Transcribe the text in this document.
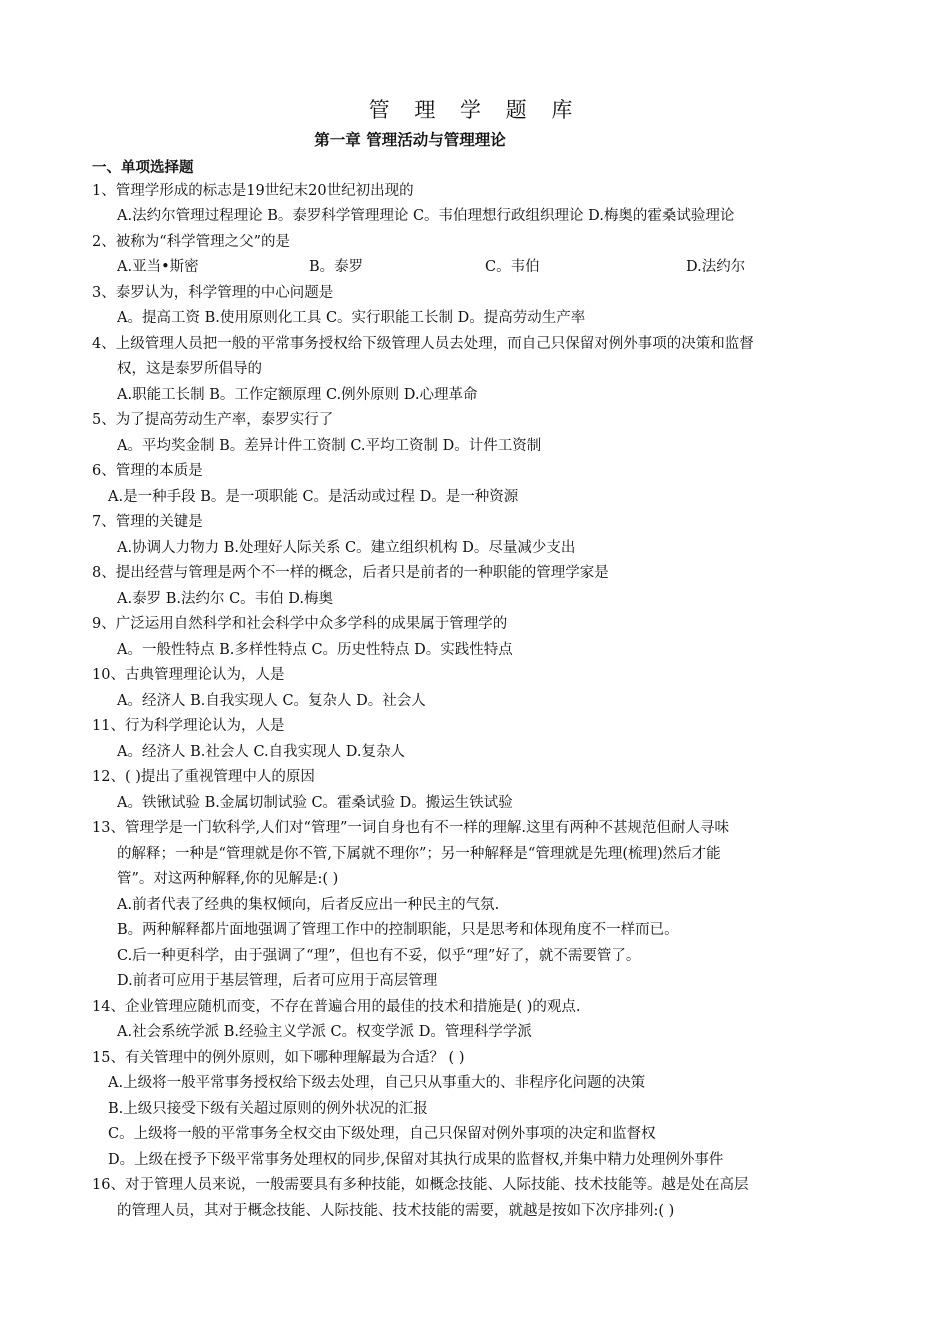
管 理 学 题 库
第一章 管理活动与管理理论
一、单项选择题
1、管理学形成的标志是19世纪末20世纪初出现的
A.法约尔管理过程理论 B。泰罗科学管理理论 C。韦伯理想行政组织理论 D.梅奥的霍桑试验理论
2、被称为“科学管理之父”的是
A.亚当•斯密	B。泰罗	C。韦伯	D.法约尔
3、泰罗认为，科学管理的中心问题是
A。提高工资 B.使用原则化工具 C。实行职能工长制 D。提高劳动生产率
4、上级管理人员把一般的平常事务授权给下级管理人员去处理，而自己只保留对例外事项的决策和监督
权，这是泰罗所倡导的
A.职能工长制 B。工作定额原理 C.例外原则 D.心理革命
5、为了提高劳动生产率，泰罗实行了
A。平均奖金制 B。差异计件工资制 C.平均工资制 D。计件工资制
6、管理的本质是
A.是一种手段 B。是一项职能 C。是活动或过程 D。是一种资源
7、管理的关键是
A.协调人力物力 B.处理好人际关系 C。建立组织机构 D。尽量减少支出
8、提出经营与管理是两个不一样的概念，后者只是前者的一种职能的管理学家是
A.泰罗 B.法约尔 C。韦伯 D.梅奥
9、广泛运用自然科学和社会科学中众多学科的成果属于管理学的
A。一般性特点 B.多样性特点 C。历史性特点 D。实践性特点
10、古典管理理论认为，人是
A。经济人 B.自我实现人 C。复杂人 D。社会人
11、行为科学理论认为，人是
A。经济人 B.社会人 C.自我实现人 D.复杂人
12、( )提出了重视管理中人的原因
A。铁锹试验 B.金属切制试验 C。霍桑试验 D。搬运生铁试验
13、管理学是一门软科学,人们对“管理”一词自身也有不一样的理解.这里有两种不甚规范但耐人寻味
的解释；一种是“管理就是你不管,下属就不理你”；另一种解释是“管理就是先理(梳理)然后才能
管”。对这两种解释,你的见解是:( )
A.前者代表了经典的集权倾向，后者反应出一种民主的气氛.
B。两种解释都片面地强调了管理工作中的控制职能，只是思考和体现角度不一样而已。
C.后一种更科学，由于强调了“理”，但也有不妥，似乎“理”好了，就不需要管了。
D.前者可应用于基层管理，后者可应用于高层管理
14、企业管理应随机而变，不存在普遍合用的最佳的技术和措施是( )的观点.
A.社会系统学派 B.经验主义学派 C。权变学派 D。管理科学学派
15、有关管理中的例外原则，如下哪种理解最为合适？ ( )
A.上级将一般平常事务授权给下级去处理，自己只从事重大的、非程序化问题的决策
B.上级只接受下级有关超过原则的例外状况的汇报
C。上级将一般的平常事务全权交由下级处理，自己只保留对例外事项的决定和监督权
D。上级在授予下级平常事务处理权的同步,保留对其执行成果的监督权,并集中精力处理例外事件
16、对于管理人员来说，一般需要具有多种技能，如概念技能、人际技能、技术技能等。越是处在高层
的管理人员，其对于概念技能、人际技能、技术技能的需要，就越是按如下次序排列:( )
